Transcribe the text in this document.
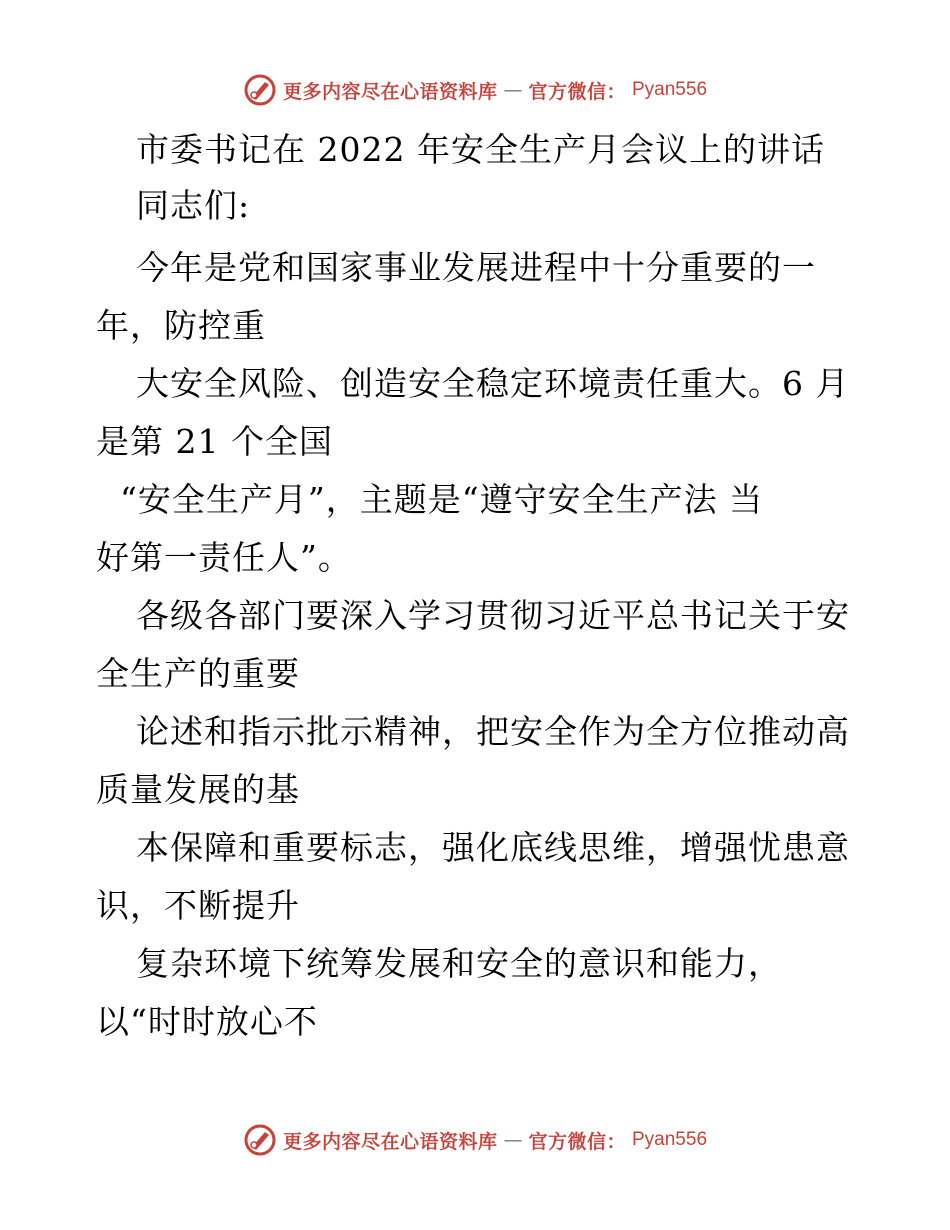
更多内容尽在心语资料库 — 官方微信： Pyan556
市委书记在 2022 年安全生产月会议上的讲话
同志们:
今年是党和国家事业发展进程中十分重要的一
年，防控重
大安全风险、创造安全稳定环境责任重大。6 月
是第 21 个全国
“安全生产月”，主题是“遵守安全生产法 当
好第一责任人”。
各级各部门要深入学习贯彻习近平总书记关于安
全生产的重要
论述和指示批示精神，把安全作为全方位推动高
质量发展的基
本保障和重要标志，强化底线思维，增强忧患意
识，不断提升
复杂环境下统筹发展和安全的意识和能力，
以“时时放心不
更多内容尽在心语资料库 — 官方微信： Pyan556
